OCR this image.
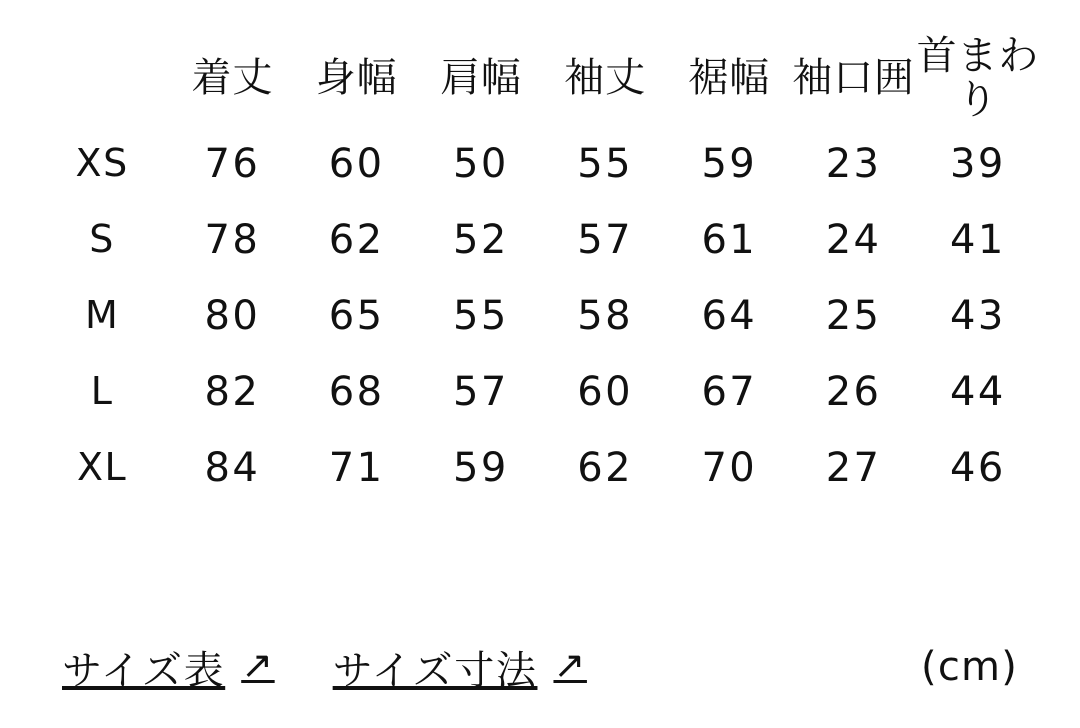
	着丈	身幅	肩幅	袖丈	裾幅	袖口囲	首まわり
XS	76	60	50	55	59	23	39
S	78	62	52	57	61	24	41
M	80	65	55	58	64	25	43
L	82	68	57	60	67	26	44
XL	84	71	59	62	70	27	46
サイズ表 ↗ サイズ寸法 ↗	(cm)
